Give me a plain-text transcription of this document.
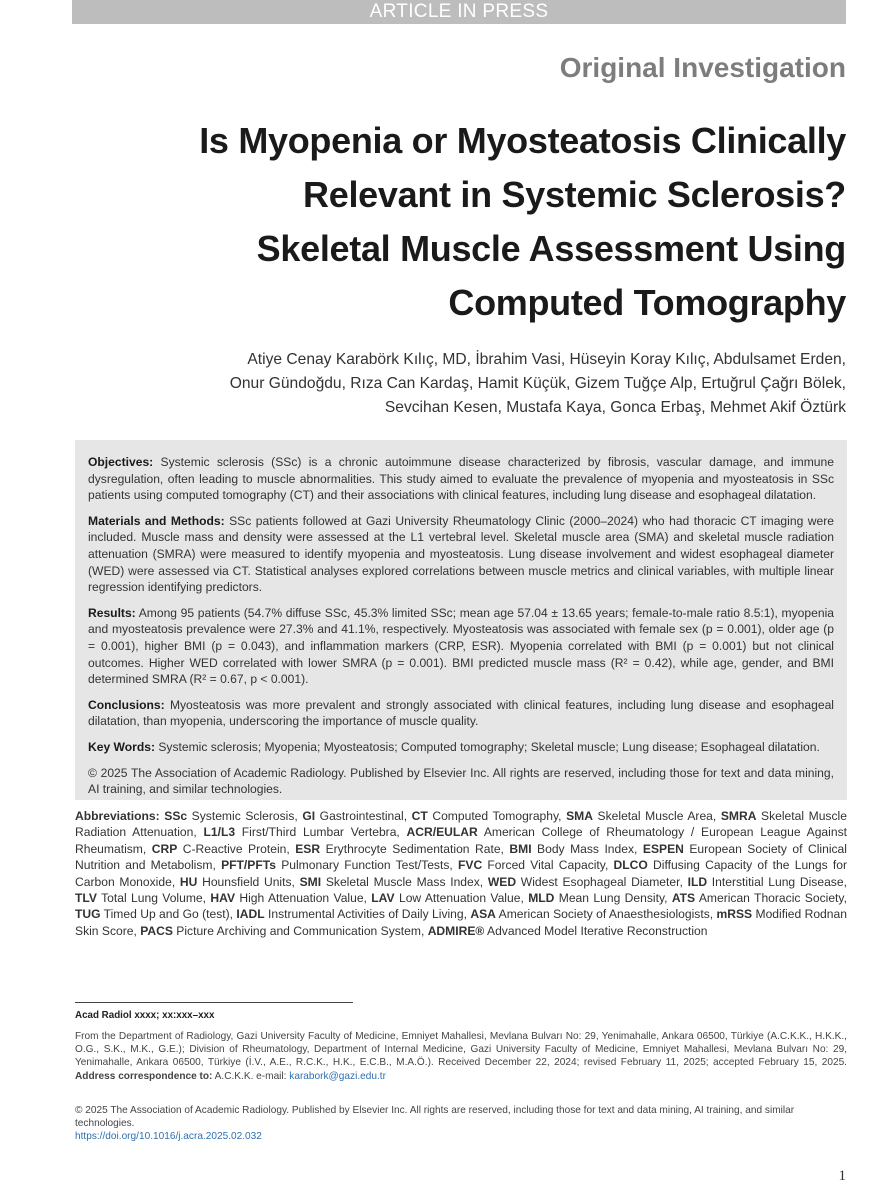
ARTICLE IN PRESS
Original Investigation
Is Myopenia or Myosteatosis Clinically
Relevant in Systemic Sclerosis?
Skeletal Muscle Assessment Using
Computed Tomography
Atiye Cenay Karabörk Kılıç, MD, İbrahim Vasi, Hüseyin Koray Kılıç, Abdulsamet Erden,
Onur Gündoğdu, Rıza Can Kardaş, Hamit Küçük, Gizem Tuğçe Alp, Ertuğrul Çağrı Bölek,
Sevcihan Kesen, Mustafa Kaya, Gonca Erbaş, Mehmet Akif Öztürk

Objectives: Systemic sclerosis (SSc) is a chronic autoimmune disease characterized by fibrosis, vascular damage, and immune dysregulation, often leading to muscle abnormalities. This study aimed to evaluate the prevalence of myopenia and myosteatosis in SSc patients using computed tomography (CT) and their associations with clinical features, including lung disease and esophageal dilatation.

Materials and Methods: SSc patients followed at Gazi University Rheumatology Clinic (2000–2024) who had thoracic CT imaging were included. Muscle mass and density were assessed at the L1 vertebral level. Skeletal muscle area (SMA) and skeletal muscle radiation attenuation (SMRA) were measured to identify myopenia and myosteatosis. Lung disease involvement and widest esophageal diameter (WED) were assessed via CT. Statistical analyses explored correlations between muscle metrics and clinical variables, with multiple linear regression identifying predictors.

Results: Among 95 patients (54.7% diffuse SSc, 45.3% limited SSc; mean age 57.04 ± 13.65 years; female-to-male ratio 8.5:1), myopenia and myosteatosis prevalence were 27.3% and 41.1%, respectively. Myosteatosis was associated with female sex (p = 0.001), older age (p = 0.001), higher BMI (p = 0.043), and inflammation markers (CRP, ESR). Myopenia correlated with BMI (p = 0.001) but not clinical outcomes. Higher WED correlated with lower SMRA (p = 0.001). BMI predicted muscle mass (R² = 0.42), while age, gender, and BMI determined SMRA (R² = 0.67, p < 0.001).

Conclusions: Myosteatosis was more prevalent and strongly associated with clinical features, including lung disease and esophageal dilatation, than myopenia, underscoring the importance of muscle quality.

Key Words: Systemic sclerosis; Myopenia; Myosteatosis; Computed tomography; Skeletal muscle; Lung disease; Esophageal dilatation.

© 2025 The Association of Academic Radiology. Published by Elsevier Inc. All rights are reserved, including those for text and data mining, AI training, and similar technologies.

Abbreviations: SSc Systemic Sclerosis, GI Gastrointestinal, CT Computed Tomography, SMA Skeletal Muscle Area, SMRA Skeletal Muscle Radiation Attenuation, L1/L3 First/Third Lumbar Vertebra, ACR/EULAR American College of Rheumatology / European League Against Rheumatism, CRP C-Reactive Protein, ESR Erythrocyte Sedimentation Rate, BMI Body Mass Index, ESPEN European Society of Clinical Nutrition and Metabolism, PFT/PFTs Pulmonary Function Test/Tests, FVC Forced Vital Capacity, DLCO Diffusing Capacity of the Lungs for Carbon Monoxide, HU Hounsfield Units, SMI Skeletal Muscle Mass Index, WED Widest Esophageal Diameter, ILD Interstitial Lung Disease, TLV Total Lung Volume, HAV High Attenuation Value, LAV Low Attenuation Value, MLD Mean Lung Density, ATS American Thoracic Society, TUG Timed Up and Go (test), IADL Instrumental Activities of Daily Living, ASA American Society of Anaesthesiologists, mRSS Modified Rodnan Skin Score, PACS Picture Archiving and Communication System, ADMIRE® Advanced Model Iterative Reconstruction
Acad Radiol xxxx; xx:xxx–xxx
From the Department of Radiology, Gazi University Faculty of Medicine, Emniyet Mahallesi, Mevlana Bulvarı No: 29, Yenimahalle, Ankara 06500, Türkiye (A.C.K.K., H.K.K., O.G., S.K., M.K., G.E.); Division of Rheumatology, Department of Internal Medicine, Gazi University Faculty of Medicine, Emniyet Mahallesi, Mevlana Bulvarı No: 29, Yenimahalle, Ankara 06500, Türkiye (İ.V., A.E., R.C.K., H.K., E.C.B., M.A.Ö.). Received December 22, 2024; revised February 11, 2025; accepted February 15, 2025. Address correspondence to: A.C.K.K. e-mail: karabork@gazi.edu.tr
© 2025 The Association of Academic Radiology. Published by Elsevier Inc. All rights are reserved, including those for text and data mining, AI training, and similar technologies.
https://doi.org/10.1016/j.acra.2025.02.032
1
